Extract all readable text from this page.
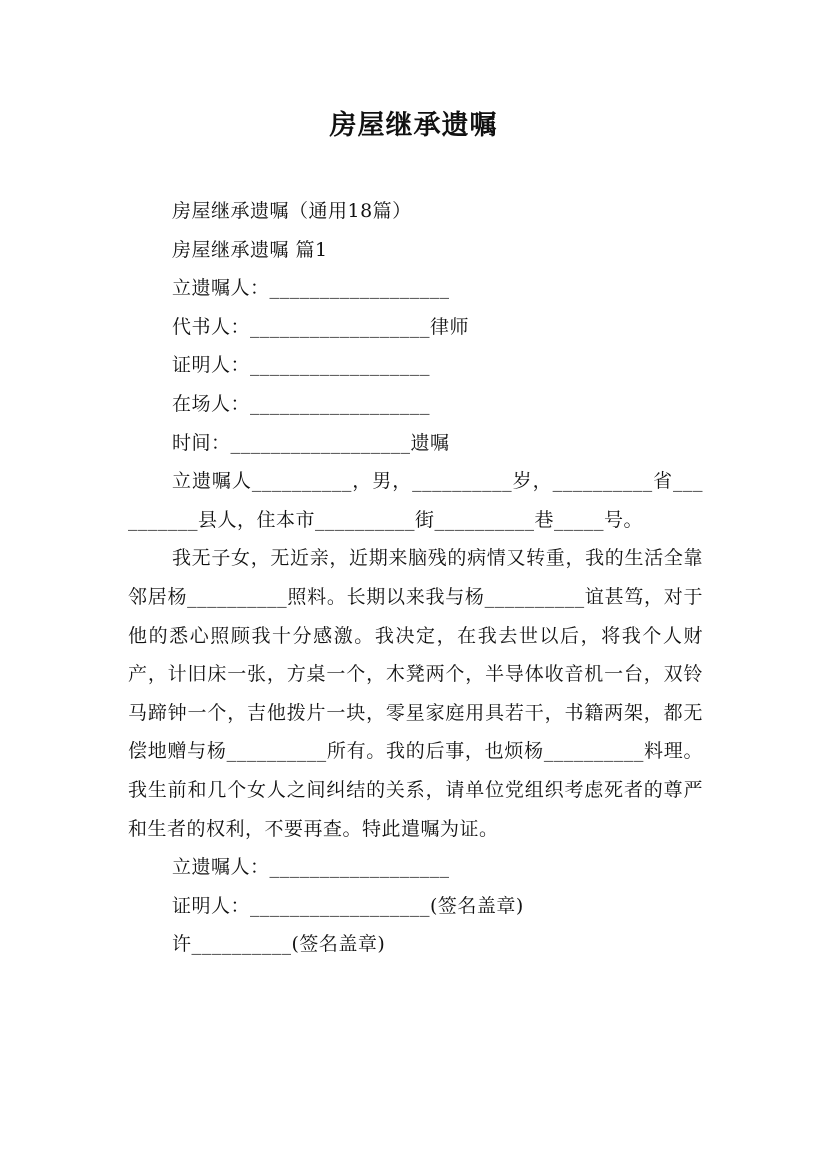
房屋继承遗嘱

房屋继承遗嘱（通用18篇）

房屋继承遗嘱 篇1

立遗嘱人：__________________

代书人：__________________律师

证明人：__________________

在场人：__________________

时间：__________________遗嘱

立遗嘱人__________，男，__________岁，__________省__________县人，住本市__________街__________巷_____号。

我无子女，无近亲，近期来脑残的病情又转重，我的生活全靠邻居杨__________照料。长期以来我与杨__________谊甚笃，对于他的悉心照顾我十分感激。我决定，在我去世以后，将我个人财产，计旧床一张，方桌一个，木凳两个，半导体收音机一台，双铃马蹄钟一个，吉他拨片一块，零星家庭用具若干，书籍两架，都无偿地赠与杨__________所有。我的后事，也烦杨__________料理。我生前和几个女人之间纠结的关系，请单位党组织考虑死者的尊严和生者的权利，不要再查。特此遣嘱为证。

立遗嘱人：__________________

证明人：__________________(签名盖章)

许__________(签名盖章)
